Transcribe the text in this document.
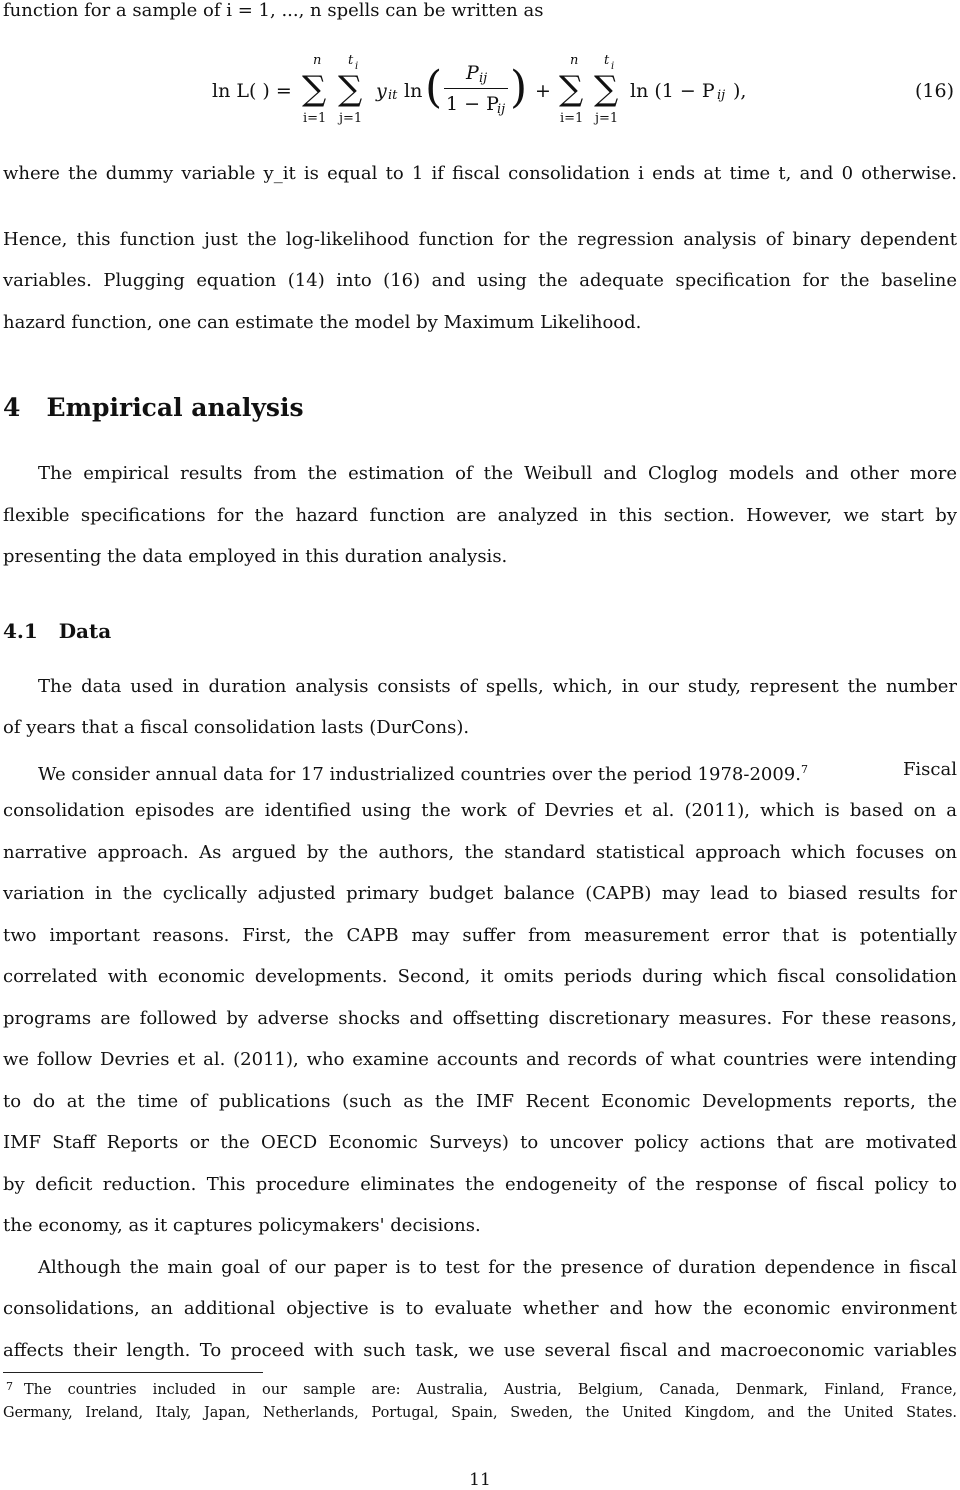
function for a sample of i = 1, ..., n spells can be written as
ln L( ) =
n
∑
i=1
t i
∑
j=1
y it ln ( P ij
1 − P
ij ) +
n
∑
i=1
t i
∑
j=1
ln (1 − P ij ),	(16)
where the dummy variable y_it is equal to 1 if fiscal consolidation i ends at time t, and 0 otherwise.
Hence, this function just the log-likelihood function for the regression analysis of binary dependent
variables. Plugging equation (14) into (16) and using the adequate specification for the baseline
hazard function, one can estimate the model by Maximum Likelihood.
4 Empirical analysis
The empirical results from the estimation of the Weibull and Cloglog models and other more
flexible specifications for the hazard function are analyzed in this section. However, we start by
presenting the data employed in this duration analysis.
4.1 Data
The data used in duration analysis consists of spells, which, in our study, represent the number
of years that a fiscal consolidation lasts (DurCons).
We consider annual data for 17 industrialized countries over the period 1978-2009.$^7$	Fiscal
consolidation episodes are identified using the work of Devries et al. (2011), which is based on a
narrative approach. As argued by the authors, the standard statistical approach which focuses on
variation in the cyclically adjusted primary budget balance (CAPB) may lead to biased results for
two important reasons. First, the CAPB may suffer from measurement error that is potentially
correlated with economic developments. Second, it omits periods during which fiscal consolidation
programs are followed by adverse shocks and offsetting discretionary measures. For these reasons,
we follow Devries et al. (2011), who examine accounts and records of what countries were intending
to do at the time of publications (such as the IMF Recent Economic Developments reports, the
IMF Staff Reports or the OECD Economic Surveys) to uncover policy actions that are motivated
by deficit reduction. This procedure eliminates the endogeneity of the response of fiscal policy to
the economy, as it captures policymakers' decisions.
Although the main goal of our paper is to test for the presence of duration dependence in fiscal
consolidations, an additional objective is to evaluate whether and how the economic environment
affects their length. To proceed with such task, we use several fiscal and macroeconomic variables
7 The countries included in our sample are: Australia, Austria, Belgium, Canada, Denmark, Finland, France,
Germany, Ireland, Italy, Japan, Netherlands, Portugal, Spain, Sweden, the United Kingdom, and the United States.
11
